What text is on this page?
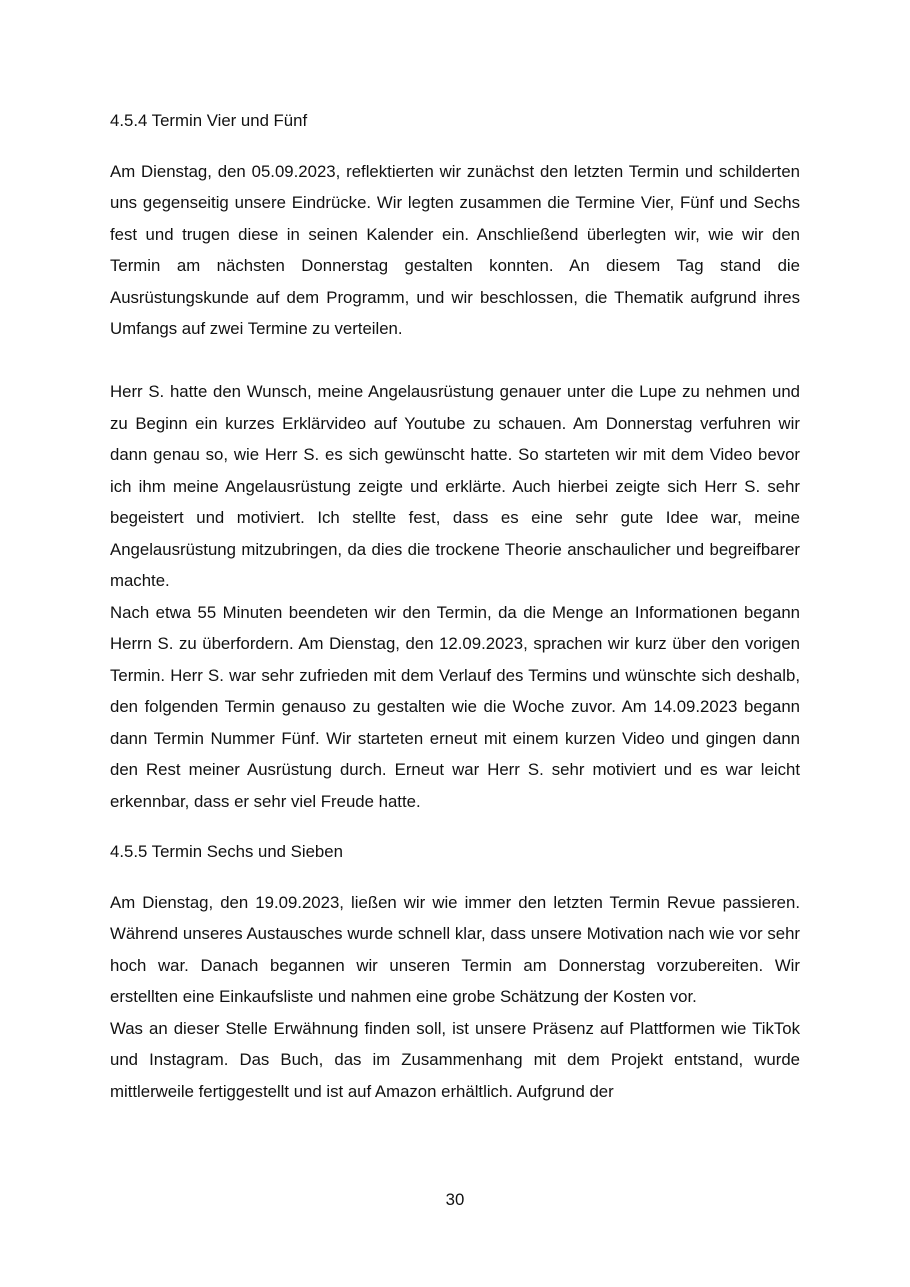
4.5.4 Termin Vier und Fünf

Am Dienstag, den 05.09.2023, reflektierten wir zunächst den letzten Termin und schilderten uns gegenseitig unsere Eindrücke. Wir legten zusammen die Termine Vier, Fünf und Sechs fest und trugen diese in seinen Kalender ein. Anschließend überlegten wir, wie wir den Termin am nächsten Donnerstag gestalten konnten. An diesem Tag stand die Ausrüstungskunde auf dem Programm, und wir beschlossen, die Thematik aufgrund ihres Umfangs auf zwei Termine zu verteilen.

Herr S. hatte den Wunsch, meine Angelausrüstung genauer unter die Lupe zu nehmen und zu Beginn ein kurzes Erklärvideo auf Youtube zu schauen. Am Donnerstag verfuhren wir dann genau so, wie Herr S. es sich gewünscht hatte. So starteten wir mit dem Video bevor ich ihm meine Angelausrüstung zeigte und erklärte. Auch hierbei zeigte sich Herr S. sehr begeistert und motiviert. Ich stellte fest, dass es eine sehr gute Idee war, meine Angelausrüstung mitzubringen, da dies die trockene Theorie anschaulicher und begreifbarer machte.

Nach etwa 55 Minuten beendeten wir den Termin, da die Menge an Informationen begann Herrn S. zu überfordern. Am Dienstag, den 12.09.2023, sprachen wir kurz über den vorigen Termin. Herr S. war sehr zufrieden mit dem Verlauf des Termins und wünschte sich deshalb, den folgenden Termin genauso zu gestalten wie die Woche zuvor. Am 14.09.2023 begann dann Termin Nummer Fünf. Wir starteten erneut mit einem kurzen Video und gingen dann den Rest meiner Ausrüstung durch. Erneut war Herr S. sehr motiviert und es war leicht erkennbar, dass er sehr viel Freude hatte.

4.5.5 Termin Sechs und Sieben

Am Dienstag, den 19.09.2023, ließen wir wie immer den letzten Termin Revue passieren. Während unseres Austausches wurde schnell klar, dass unsere Motivation nach wie vor sehr hoch war. Danach begannen wir unseren Termin am Donnerstag vorzubereiten. Wir erstellten eine Einkaufsliste und nahmen eine grobe Schätzung der Kosten vor.

Was an dieser Stelle Erwähnung finden soll, ist unsere Präsenz auf Plattformen wie TikTok und Instagram. Das Buch, das im Zusammenhang mit dem Projekt entstand, wurde mittlerweile fertiggestellt und ist auf Amazon erhältlich. Aufgrund der

30
